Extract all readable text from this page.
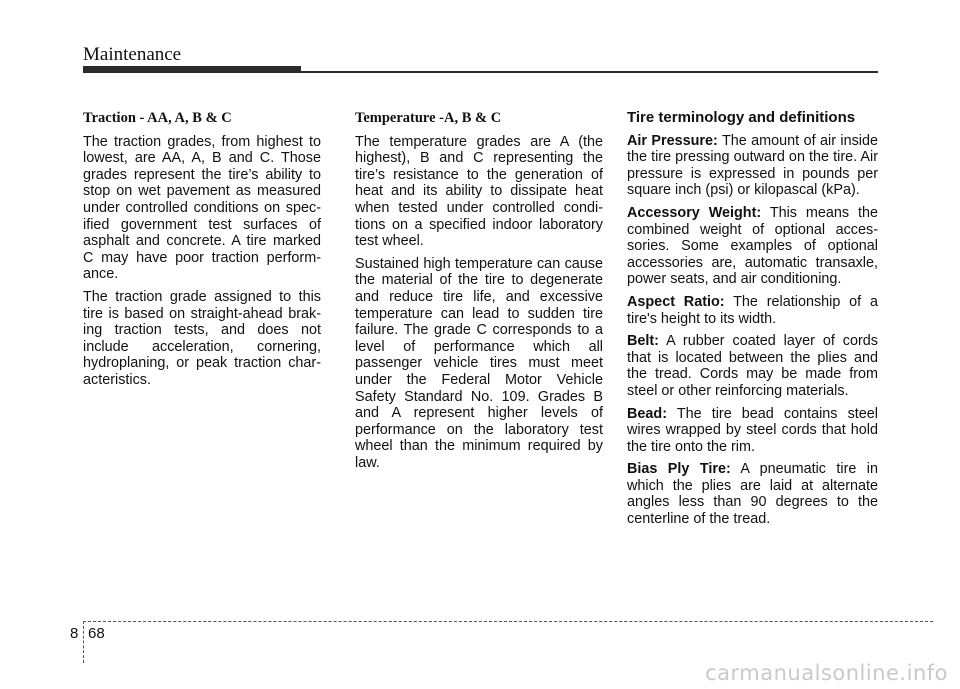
Maintenance
Traction - AA, A, B & C

The traction grades, from highest to lowest, are AA, A, B and C. Those grades represent the tire’s ability to stop on wet pavement as measured under controlled conditions on specified government test surfaces of asphalt and concrete. A tire marked C may have poor traction performance.

The traction grade assigned to this tire is based on straight-ahead braking traction tests, and does not include acceleration, cornering, hydroplaning, or peak traction characteristics.

Temperature -A, B & C

The temperature grades are A (the highest), B and C representing the tire’s resistance to the generation of heat and its ability to dissipate heat when tested under controlled conditions on a specified indoor laboratory test wheel.

Sustained high temperature can cause the material of the tire to degenerate and reduce tire life, and excessive temperature can lead to sudden tire failure. The grade C corresponds to a level of performance which all passenger vehicle tires must meet under the Federal Motor Vehicle Safety Standard No. 109. Grades B and A represent higher levels of performance on the laboratory test wheel than the minimum required by law.

Tire terminology and definitions

Air Pressure: The amount of air inside the tire pressing outward on the tire. Air pressure is expressed in pounds per square inch (psi) or kilopascal (kPa).

Accessory Weight: This means the combined weight of optional accessories. Some examples of optional accessories are, automatic transaxle, power seats, and air conditioning.

Aspect Ratio: The relationship of a tire's height to its width.

Belt: A rubber coated layer of cords that is located between the plies and the tread. Cords may be made from steel or other reinforcing materials.

Bead: The tire bead contains steel wires wrapped by steel cords that hold the tire onto the rim.

Bias Ply Tire: A pneumatic tire in which the plies are laid at alternate angles less than 90 degrees to the centerline of the tread.

8 68
carmanualsonline.info
